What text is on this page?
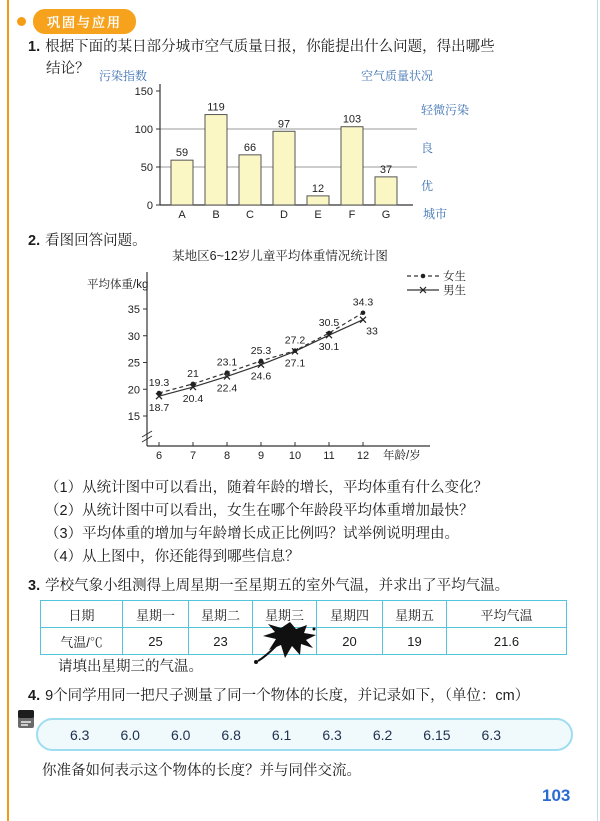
巩固与应用
1. 根据下面的某日部分城市空气质量日报，你能提出什么问题，得出哪些
结论？
0
50
100
150
59
A
119
B
66
C
97
D
12
E
103
F
37
G
污染指数	空气质量状况
城市
轻微污染
良
优
2. 看图回答问题。
15
20
25
30
35
6	7	8	9 10 11 12
某地区6~12岁儿童平均体重情况统计图
平均体重/kg
年龄/岁
女生
男生
19.3
21
23.1
25.3
27.2
30.5
34.3
18.7
20.4
22.4
24.6
27.1
30.1
33
（1）从统计图中可以看出，随着年龄的增长，平均体重有什么变化？
（2）从统计图中可以看出，女生在哪个年龄段平均体重增加最快？
（3）平均体重的增加与年龄增长成正比例吗？试举例说明理由。
（4）从上图中，你还能得到哪些信息？
3. 学校气象小组测得上周星期一至星期五的室外气温，并求出了平均气温。
日期	星期一	星期二	星期三	星期四	星期五	平均气温
气温/℃	25	23		20	19	21.6
请填出星期三的气温。
4. 9个同学用同一把尺子测量了同一个物体的长度，并记录如下，（单位：cm）
6.3 6.0 6.0 6.8 6.1 6.3 6.2 6.15 6.3
你准备如何表示这个物体的长度？并与同伴交流。
103
